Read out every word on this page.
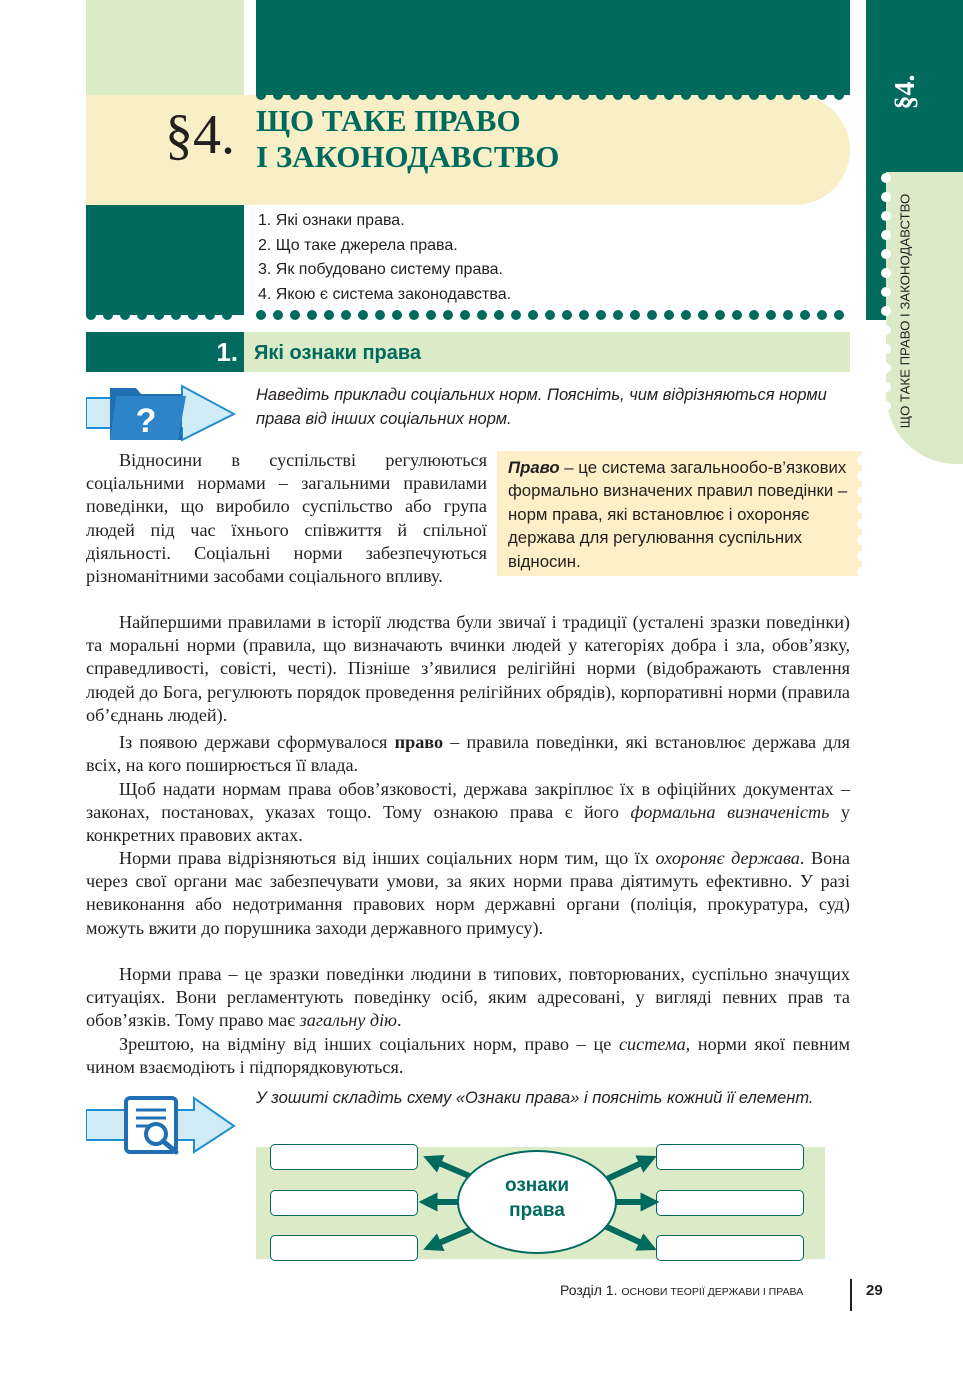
§4. ЩО ТАКЕ ПРАВО
І ЗАКОНОДАВСТВО
1. Які ознаки права.
2. Що таке джерела права.
3. Як побудовано систему права.
4. Якою є система законодавства.
1. Які ознаки права
§4.
ЩО ТАКЕ ПРАВО І ЗАКОНОДАВСТВО
?
Наведіть приклади соціальних норм. Поясніть, чим відрізняються норми права від інших соціальних норм.
Право – це система загальнообо-в’язкових формально визначених правил поведінки – норм права, які встановлює і охороняє держава для регулювання суспільних відносин.
Відносини в суспільстві регулюються соціальними нормами – загальними правилами поведінки, що виробило суспільство або група людей під час їхнього співжиття й спільної діяльності. Соціальні норми забезпечуються різноманітними засобами соціального впливу.
Найпершими правилами в історії людства були звичаї і традиції (усталені зразки поведінки) та моральні норми (правила, що визначають вчинки людей у категоріях добра і зла, обов’язку, справедливості, совісті, честі). Пізніше з’явилися релігійні норми (відображають ставлення людей до Бога, регулюють порядок проведення релігійних обрядів), корпоративні норми (правила об’єднань людей).
Із появою держави сформувалося право – правила поведінки, які встановлює держава для всіх, на кого поширюється її влада.
Щоб надати нормам права обов’язковості, держава закріплює їх в офіційних документах – законах, постановах, указах тощо. Тому ознакою права є його формальна визначеність у конкретних правових актах.
Норми права відрізняються від інших соціальних норм тим, що їх охороняє держава. Вона через свої органи має забезпечувати умови, за яких норми права діятимуть ефективно. У разі невиконання або недотримання правових норм державні органи (поліція, прокуратура, суд) можуть вжити до порушника заходи державного примусу).
Норми права – це зразки поведінки людини в типових, повторюваних, суспільно значущих ситуаціях. Вони регламентують поведінку осіб, яким адресовані, у вигляді певних прав та обов’язків. Тому право має загальну дію.
Зрештою, на відміну від інших соціальних норм, право – це система, норми якої певним чином взаємодіють і підпорядковуються.
У зошиті складіть схему «Ознаки права» і поясніть кожний її елемент.
ознаки
права
Розділ 1. ОСНОВИ ТЕОРІЇ ДЕРЖАВИ І ПРАВА	29
